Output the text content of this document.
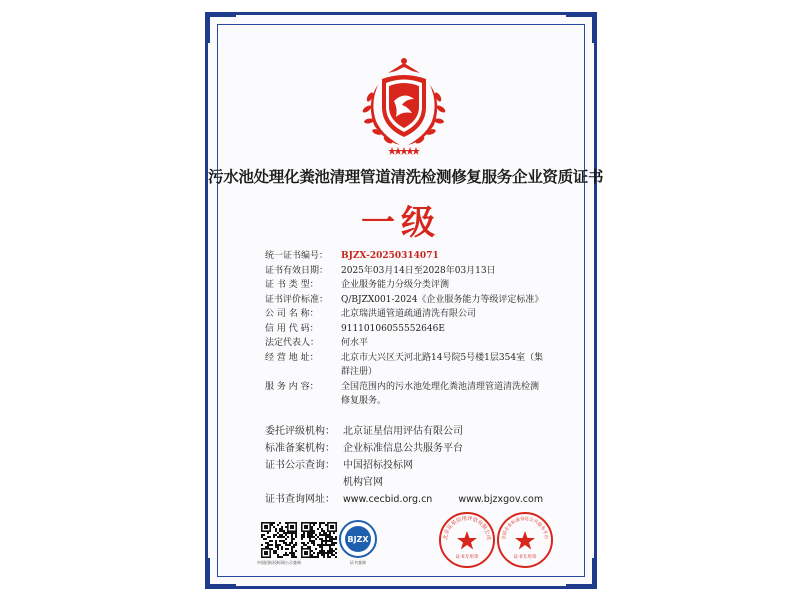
污水池处理化粪池清理管道清洗检测修复服务企业资质证书
一级
统一证书编号：	BJZX-20250314071
证书有效日期：	2025年03月14日至2028年03月13日
证 书 类 型：	企业服务能力分级分类评测
证书评价标准：	Q/BJZX001-2024《企业服务能力等级评定标准》
公 司 名 称：	北京瑞洪通管道疏通清洗有限公司
信 用 代 码：	91110106055552646E
法定代表人：	何水平
经 营 地 址：	北京市大兴区天河北路14号院5号楼1层354室（集
群注册）
服 务 内 容：	全国范围内的污水池处理化粪池清理管道清洗检测
修复服务。
委托评级机构： 北京证星信用评估有限公司
标准备案机构： 企业标准信息公共服务平台
证书公示查询： 中国招标投标网
机构官网
证书查询网址： www.cecbid.org.cn	www.bjzxgov.com
中国招标投标网公示查询
BJZX
证书查询
北京证星信用评估有限公司
证书专用章
全国企业标准信息公共服务平台
证书专用章
